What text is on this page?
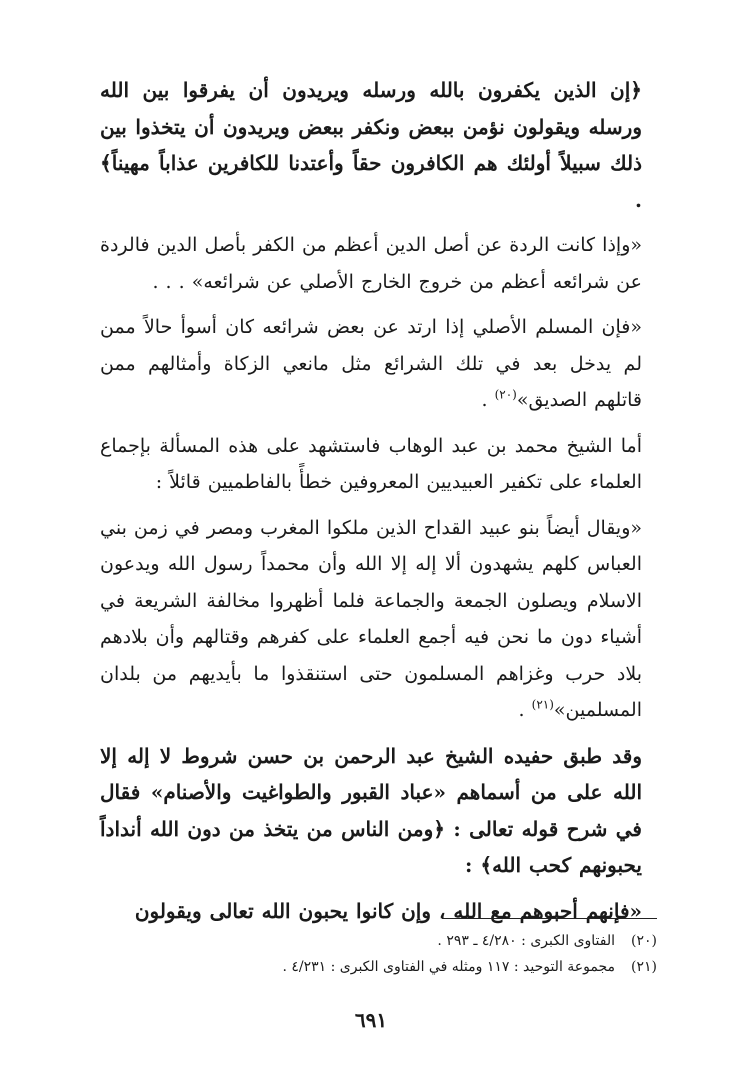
﴿إن الذين يكفرون بالله ورسله ويريدون أن يفرقوا بين الله ورسله ويقولون نؤمن ببعض ونكفر ببعض ويريدون أن يتخذوا بين ذلك سبيلاً أولئك هم الكافرون حقاً وأعتدنا للكافرين عذاباً مهيناً﴾ .

«وإذا كانت الردة عن أصل الدين أعظم من الكفر بأصل الدين فالردة عن شرائعه أعظم من خروج الخارج الأصلي عن شرائعه» . . .

«فإن المسلم الأصلي إذا ارتد عن بعض شرائعه كان أسوأ حالاً ممن لم يدخل بعد في تلك الشرائع مثل مانعي الزكاة وأمثالهم ممن قاتلهم الصديق»$^{(٢٠)}$ .

أما الشيخ محمد بن عبد الوهاب فاستشهد على هذه المسألة بإجماع العلماء على تكفير العبيديين المعروفين خطأً بالفاطميين قائلاً :

«ويقال أيضاً بنو عبيد القداح الذين ملكوا المغرب ومصر في زمن بني العباس كلهم يشهدون ألا إله إلا الله وأن محمداً رسول الله ويدعون الاسلام ويصلون الجمعة والجماعة فلما أظهروا مخالفة الشريعة في أشياء دون ما نحن فيه أجمع العلماء على كفرهم وقتالهم وأن بلادهم بلاد حرب وغزاهم المسلمون حتى استنقذوا ما بأيديهم من بلدان المسلمين»$^{(٢١)}$ .

وقد طبق حفيده الشيخ عبد الرحمن بن حسن شروط لا إله إلا الله على من أسماهم «عباد القبور والطواغيت والأصنام» فقال في شرح قوله تعالى : ﴿ومن الناس من يتخذ من دون الله أنداداً يحبونهم كحب الله﴾ :

«فإنهم أحبوهم مع الله ، وإن كانوا يحبون الله تعالى ويقولون

(٢٠)
الفتاوى الكبرى : ٤/٢٨٠ ـ ٢٩٣ .
(٢١)
مجموعة التوحيد : ١١٧ ومثله في الفتاوى الكبرى : ٤/٢٣١ .
٦٩١
